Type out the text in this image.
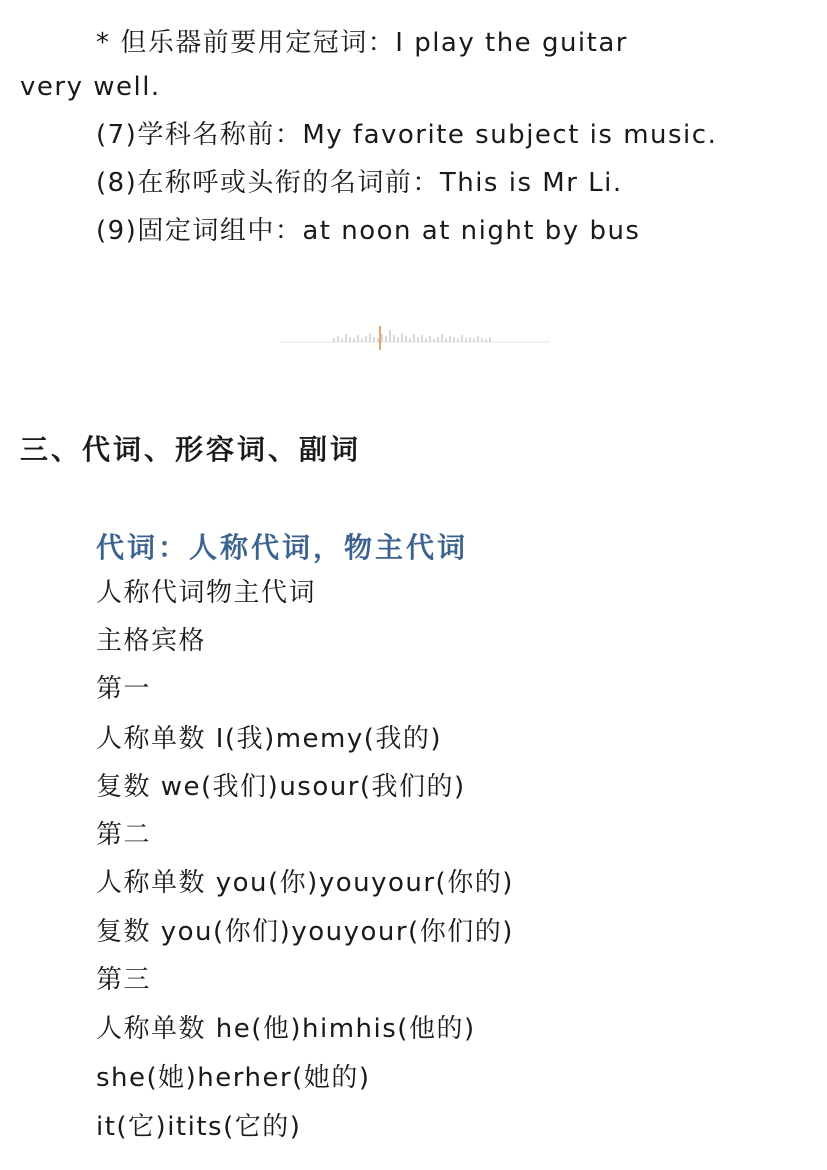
* 但乐器前要用定冠词：I play the guitar
very well.
(7)学科名称前：My favorite subject is music.
(8)在称呼或头衔的名词前：This is Mr Li.
(9)固定词组中：at noon at night by bus
三、代词、形容词、副词
代词：人称代词，物主代词
人称代词物主代词
主格宾格
第一
人称单数 I(我)memy(我的)
复数 we(我们)usour(我们的)
第二
人称单数 you(你)youyour(你的)
复数 you(你们)youyour(你们的)
第三
人称单数 he(他)himhis(他的)
she(她)herher(她的)
it(它)itits(它的)
